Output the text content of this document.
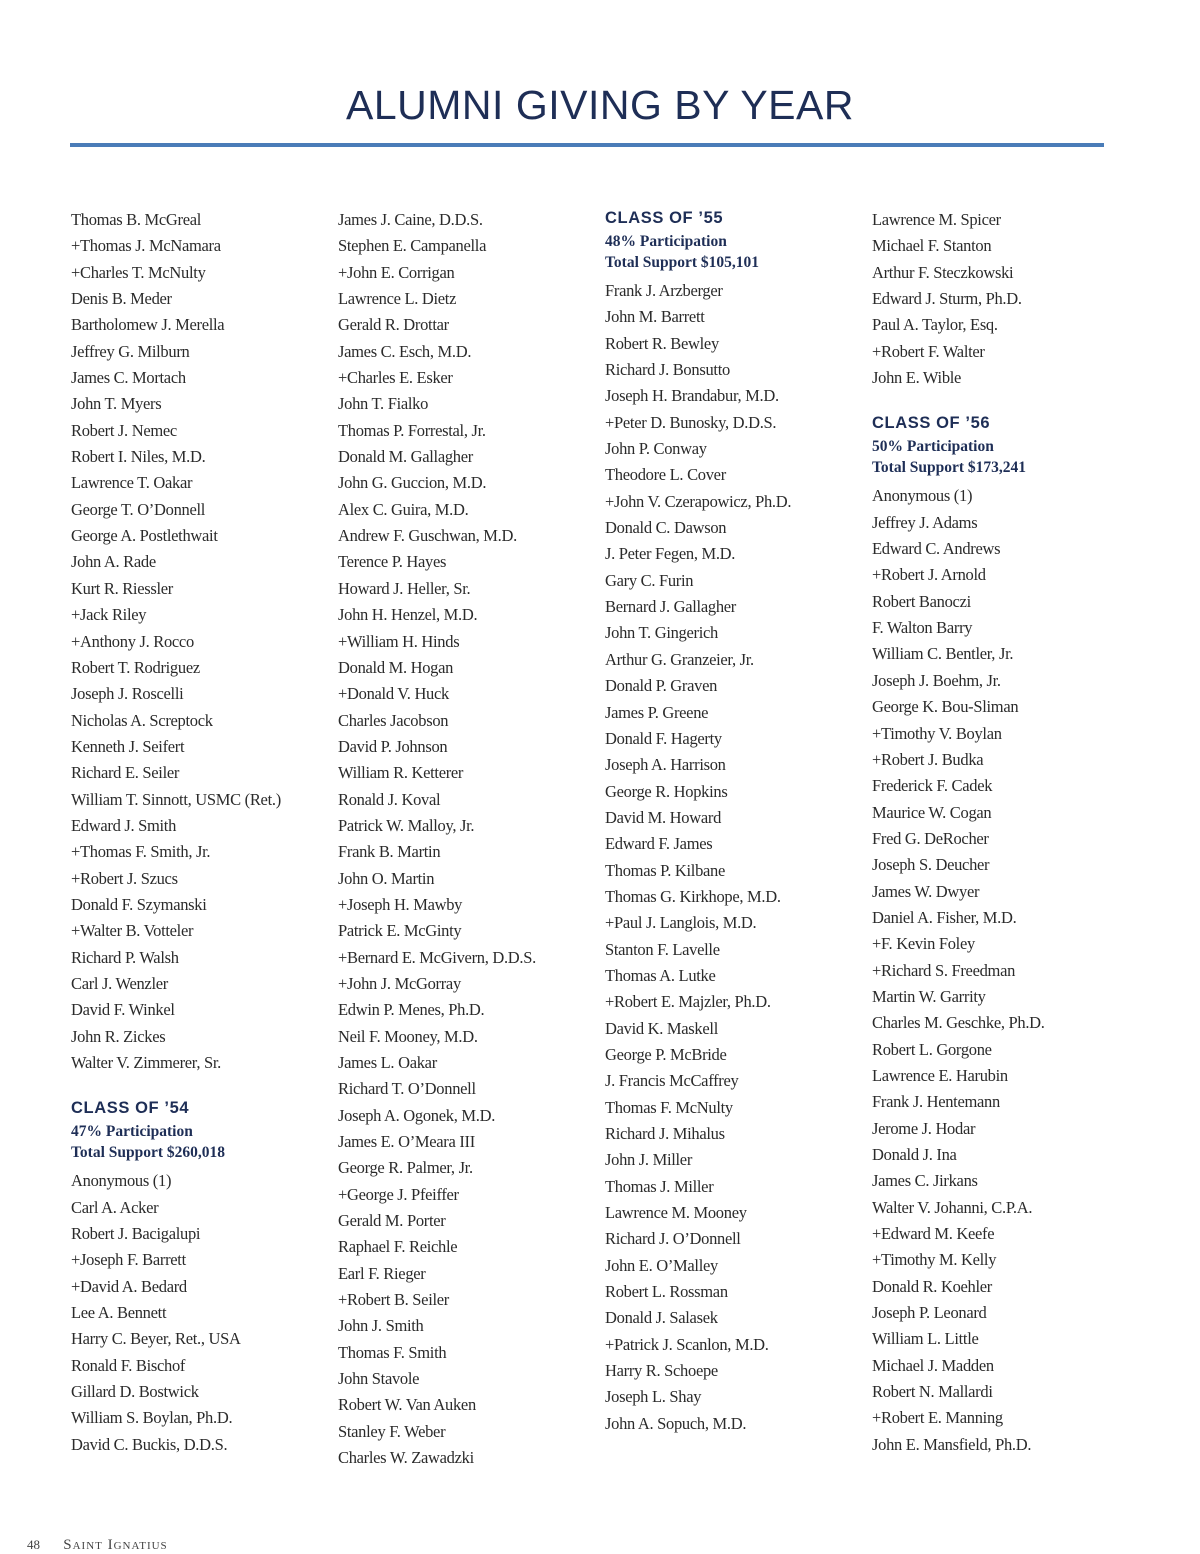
ALUMNI GIVING BY YEAR
Thomas B. McGreal
+Thomas J. McNamara
+Charles T. McNulty
Denis B. Meder
Bartholomew J. Merella
Jeffrey G. Milburn
James C. Mortach
John T. Myers
Robert J. Nemec
Robert I. Niles, M.D.
Lawrence T. Oakar
George T. O’Donnell
George A. Postlethwait
John A. Rade
Kurt R. Riessler
+Jack Riley
+Anthony J. Rocco
Robert T. Rodriguez
Joseph J. Roscelli
Nicholas A. Screptock
Kenneth J. Seifert
Richard E. Seiler
William T. Sinnott, USMC (Ret.)
Edward J. Smith
+Thomas F. Smith, Jr.
+Robert J. Szucs
Donald F. Szymanski
+Walter B. Votteler
Richard P. Walsh
Carl J. Wenzler
David F. Winkel
John R. Zickes
Walter V. Zimmerer, Sr.
CLASS OF ’54
47% Participation
Total Support $260,018
Anonymous (1)
Carl A. Acker
Robert J. Bacigalupi
+Joseph F. Barrett
+David A. Bedard
Lee A. Bennett
Harry C. Beyer, Ret., USA
Ronald F. Bischof
Gillard D. Bostwick
William S. Boylan, Ph.D.
David C. Buckis, D.D.S.
James J. Caine, D.D.S.
Stephen E. Campanella
+John E. Corrigan
Lawrence L. Dietz
Gerald R. Drottar
James C. Esch, M.D.
+Charles E. Esker
John T. Fialko
Thomas P. Forrestal, Jr.
Donald M. Gallagher
John G. Guccion, M.D.
Alex C. Guira, M.D.
Andrew F. Guschwan, M.D.
Terence P. Hayes
Howard J. Heller, Sr.
John H. Henzel, M.D.
+William H. Hinds
Donald M. Hogan
+Donald V. Huck
Charles Jacobson
David P. Johnson
William R. Ketterer
Ronald J. Koval
Patrick W. Malloy, Jr.
Frank B. Martin
John O. Martin
+Joseph H. Mawby
Patrick E. McGinty
+Bernard E. McGivern, D.D.S.
+John J. McGorray
Edwin P. Menes, Ph.D.
Neil F. Mooney, M.D.
James L. Oakar
Richard T. O’Donnell
Joseph A. Ogonek, M.D.
James E. O’Meara III
George R. Palmer, Jr.
+George J. Pfeiffer
Gerald M. Porter
Raphael F. Reichle
Earl F. Rieger
+Robert B. Seiler
John J. Smith
Thomas F. Smith
John Stavole
Robert W. Van Auken
Stanley F. Weber
Charles W. Zawadzki
CLASS OF ’55
48% Participation
Total Support $105,101
Frank J. Arzberger
John M. Barrett
Robert R. Bewley
Richard J. Bonsutto
Joseph H. Brandabur, M.D.
+Peter D. Bunosky, D.D.S.
John P. Conway
Theodore L. Cover
+John V. Czerapowicz, Ph.D.
Donald C. Dawson
J. Peter Fegen, M.D.
Gary C. Furin
Bernard J. Gallagher
John T. Gingerich
Arthur G. Granzeier, Jr.
Donald P. Graven
James P. Greene
Donald F. Hagerty
Joseph A. Harrison
George R. Hopkins
David M. Howard
Edward F. James
Thomas P. Kilbane
Thomas G. Kirkhope, M.D.
+Paul J. Langlois, M.D.
Stanton F. Lavelle
Thomas A. Lutke
+Robert E. Majzler, Ph.D.
David K. Maskell
George P. McBride
J. Francis McCaffrey
Thomas F. McNulty
Richard J. Mihalus
John J. Miller
Thomas J. Miller
Lawrence M. Mooney
Richard J. O’Donnell
John E. O’Malley
Robert L. Rossman
Donald J. Salasek
+Patrick J. Scanlon, M.D.
Harry R. Schoepe
Joseph L. Shay
John A. Sopuch, M.D.
Lawrence M. Spicer
Michael F. Stanton
Arthur F. Steczkowski
Edward J. Sturm, Ph.D.
Paul A. Taylor, Esq.
+Robert F. Walter
John E. Wible
CLASS OF ’56
50% Participation
Total Support $173,241
Anonymous (1)
Jeffrey J. Adams
Edward C. Andrews
+Robert J. Arnold
Robert Banoczi
F. Walton Barry
William C. Bentler, Jr.
Joseph J. Boehm, Jr.
George K. Bou-Sliman
+Timothy V. Boylan
+Robert J. Budka
Frederick F. Cadek
Maurice W. Cogan
Fred G. DeRocher
Joseph S. Deucher
James W. Dwyer
Daniel A. Fisher, M.D.
+F. Kevin Foley
+Richard S. Freedman
Martin W. Garrity
Charles M. Geschke, Ph.D.
Robert L. Gorgone
Lawrence E. Harubin
Frank J. Hentemann
Jerome J. Hodar
Donald J. Ina
James C. Jirkans
Walter V. Johanni, C.P.A.
+Edward M. Keefe
+Timothy M. Kelly
Donald R. Koehler
Joseph P. Leonard
William L. Little
Michael J. Madden
Robert N. Mallardi
+Robert E. Manning
John E. Mansfield, Ph.D.
48 Saint Ignatius
